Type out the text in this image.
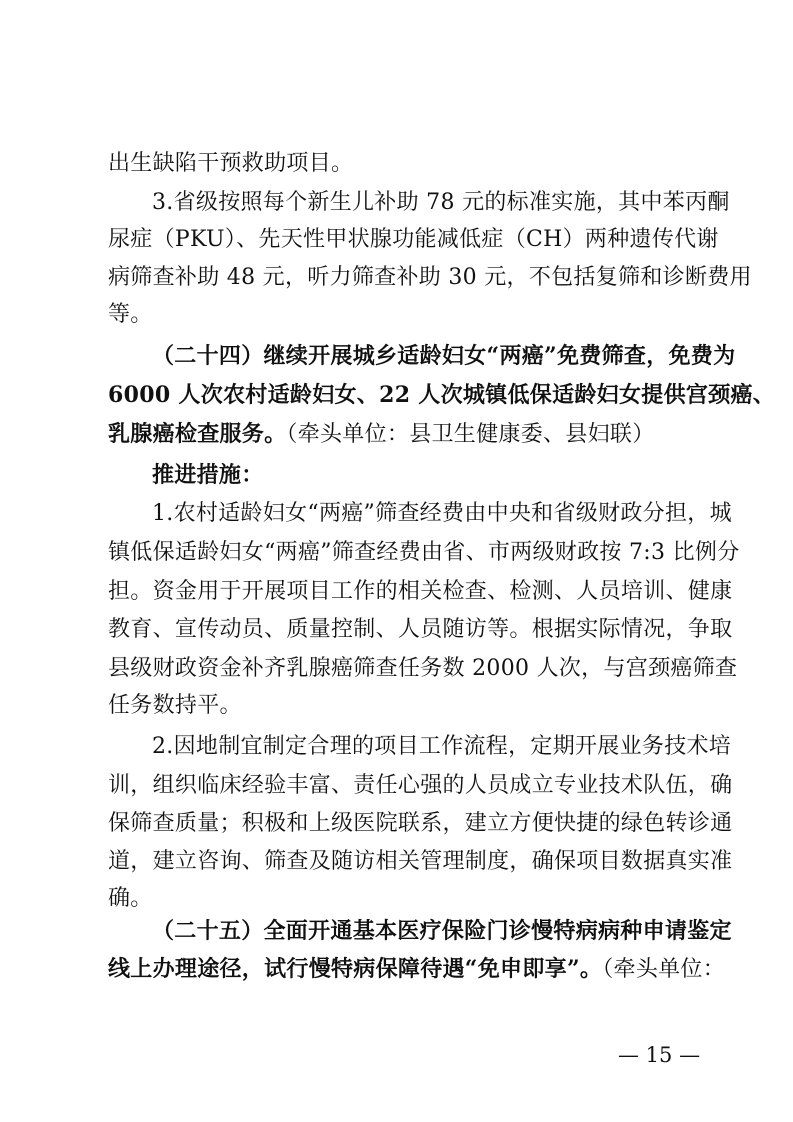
出生缺陷干预救助项目。
3.省级按照每个新生儿补助 78 元的标准实施，其中苯丙酮
尿症（PKU）、先天性甲状腺功能减低症（CH）两种遗传代谢
病筛查补助 48 元，听力筛查补助 30 元，不包括复筛和诊断费用
等。
（二十四）继续开展城乡适龄妇女“两癌”免费筛查，免费为
6000 人次农村适龄妇女、22 人次城镇低保适龄妇女提供宫颈癌、
乳腺癌检查服务。（牵头单位：县卫生健康委、县妇联）
推进措施：
1.农村适龄妇女“两癌”筛查经费由中央和省级财政分担，城
镇低保适龄妇女“两癌”筛查经费由省、市两级财政按 7:3 比例分
担。资金用于开展项目工作的相关检查、检测、人员培训、健康
教育、宣传动员、质量控制、人员随访等。根据实际情况，争取
县级财政资金补齐乳腺癌筛查任务数 2000 人次，与宫颈癌筛查
任务数持平。
2.因地制宜制定合理的项目工作流程，定期开展业务技术培
训，组织临床经验丰富、责任心强的人员成立专业技术队伍，确
保筛查质量；积极和上级医院联系，建立方便快捷的绿色转诊通
道，建立咨询、筛查及随访相关管理制度，确保项目数据真实准
确。
（二十五）全面开通基本医疗保险门诊慢特病病种申请鉴定
— 15 —
线上办理途径，试行慢特病保障待遇“免申即享”。（牵头单位：
